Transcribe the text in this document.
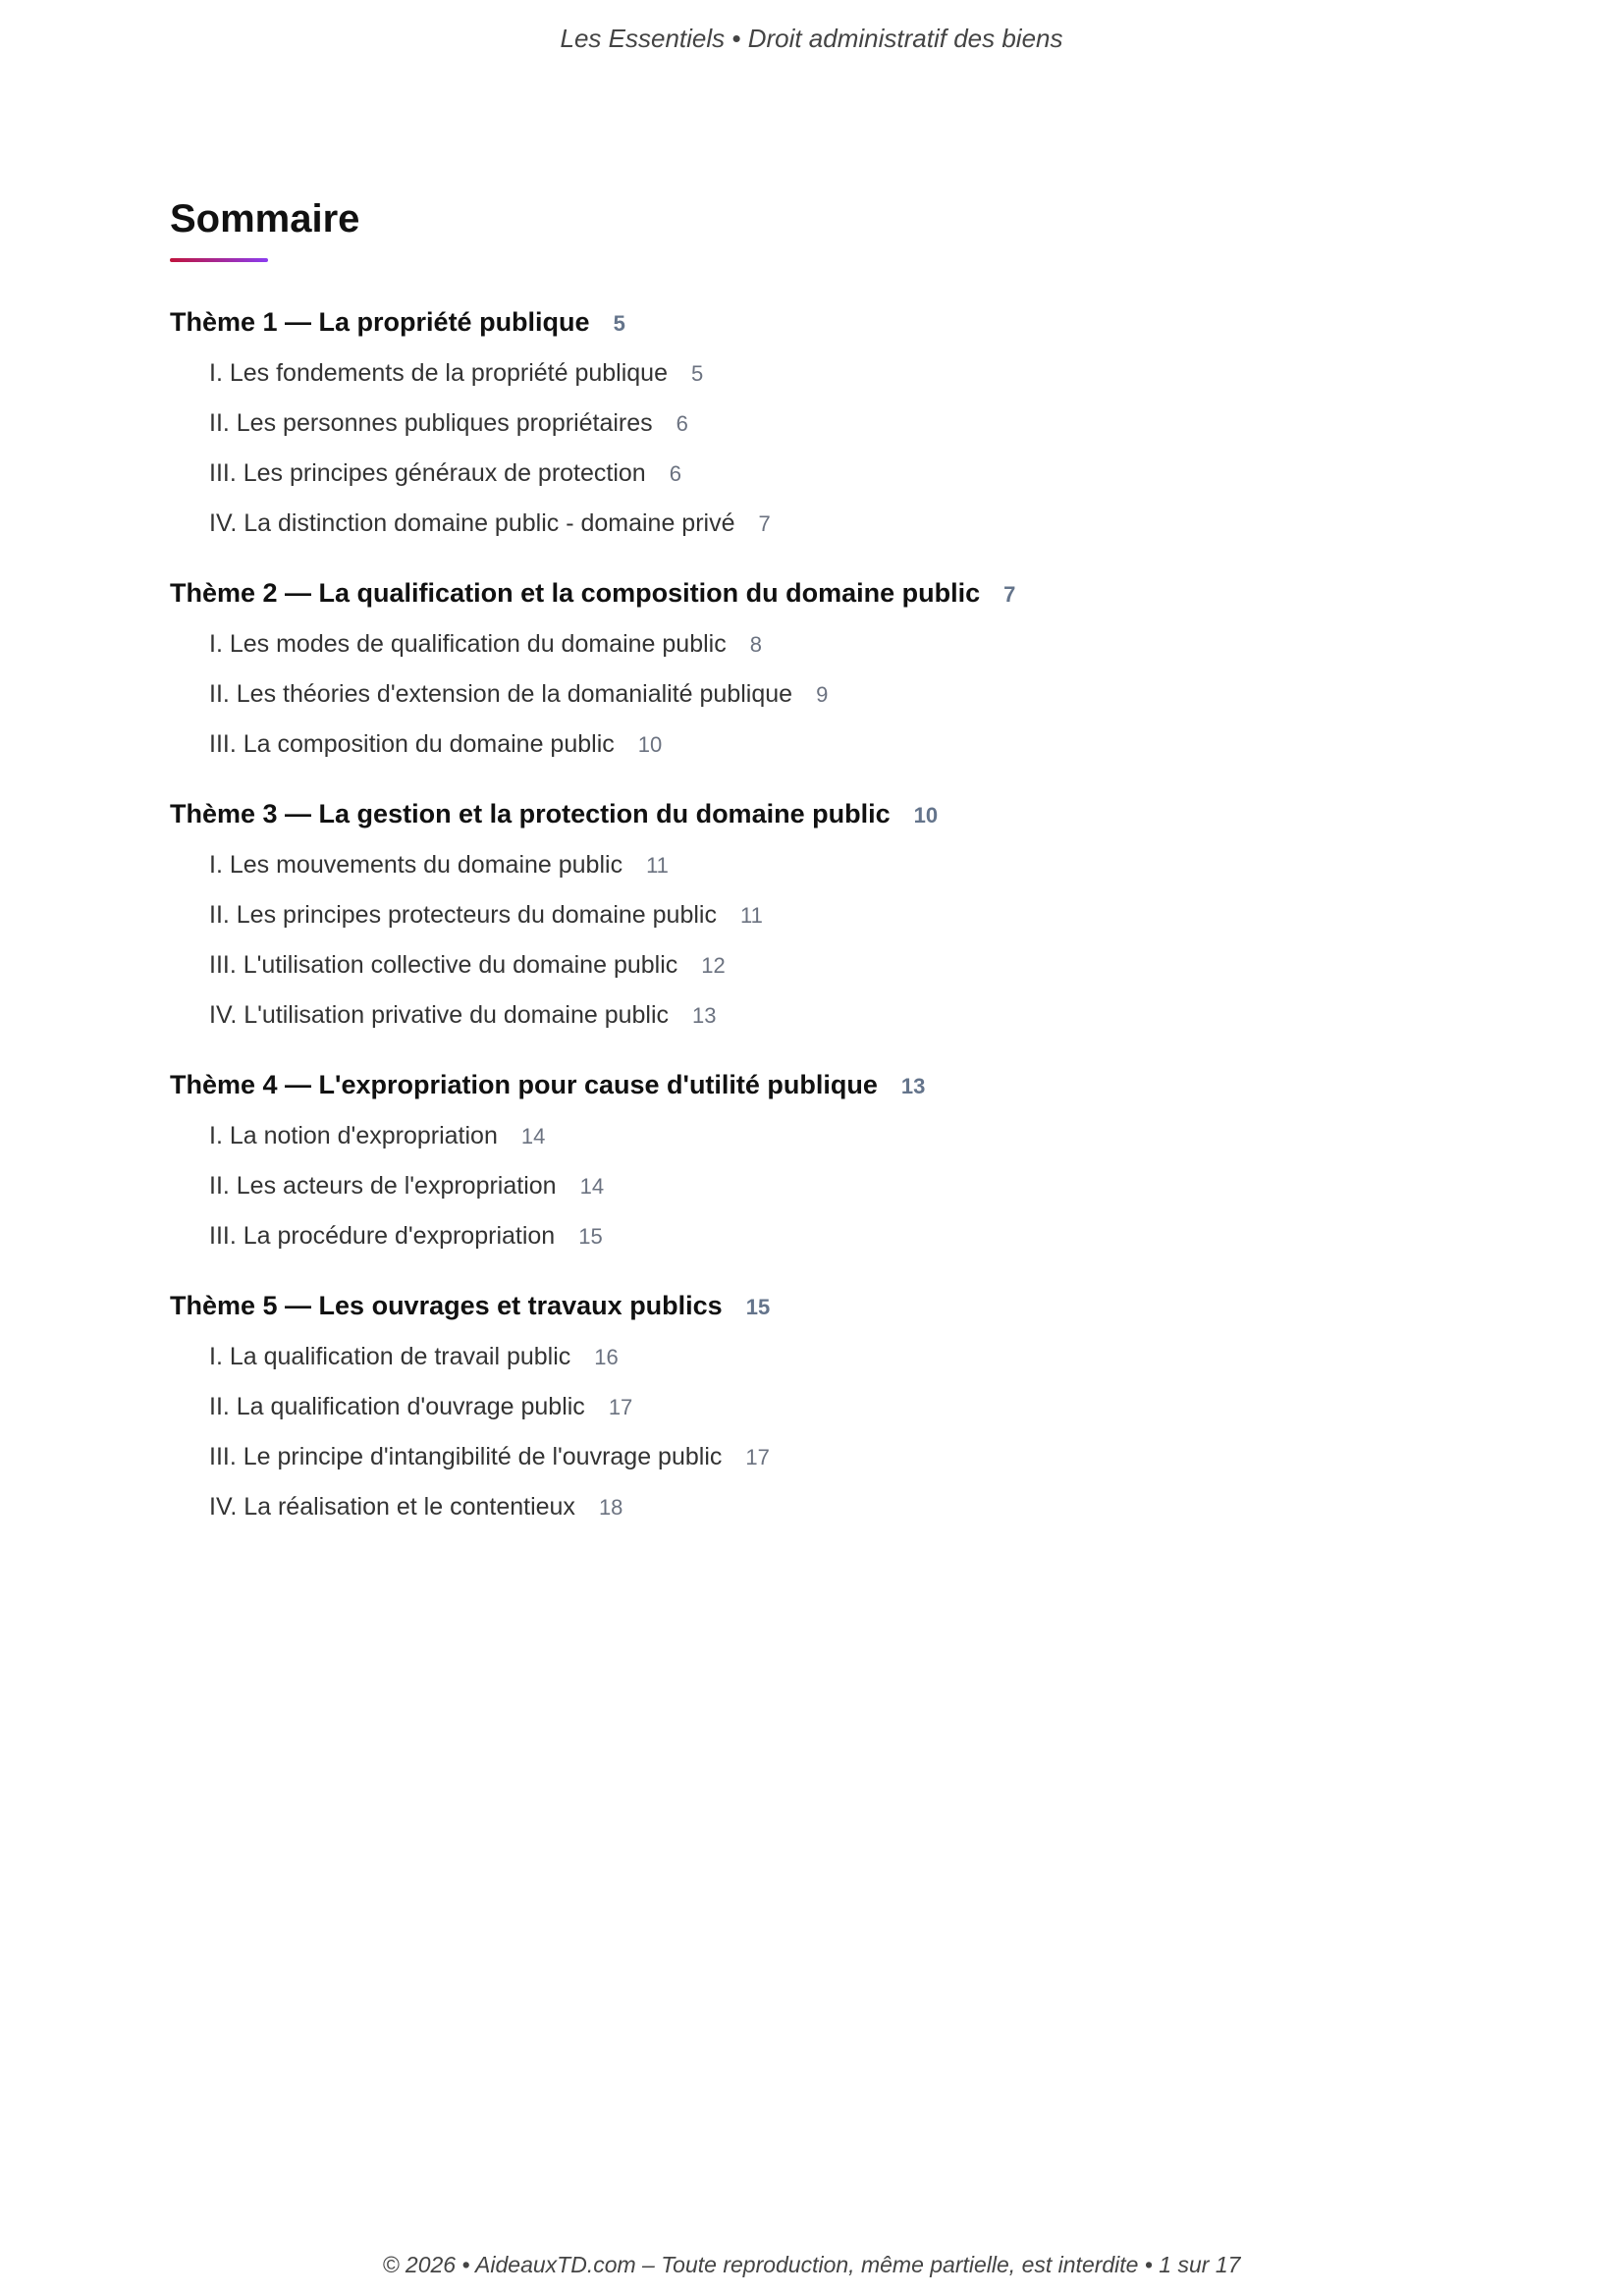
Les Essentiels • Droit administratif des biens
Sommaire
Thème 1 — La propriété publique 5
I. Les fondements de la propriété publique 5
II. Les personnes publiques propriétaires 6
III. Les principes généraux de protection 6
IV. La distinction domaine public - domaine privé 7
Thème 2 — La qualification et la composition du domaine public 7
I. Les modes de qualification du domaine public 8
II. Les théories d'extension de la domanialité publique 9
III. La composition du domaine public 10
Thème 3 — La gestion et la protection du domaine public 10
I. Les mouvements du domaine public 11
II. Les principes protecteurs du domaine public 11
III. L'utilisation collective du domaine public 12
IV. L'utilisation privative du domaine public 13
Thème 4 — L'expropriation pour cause d'utilité publique 13
I. La notion d'expropriation 14
II. Les acteurs de l'expropriation 14
III. La procédure d'expropriation 15
Thème 5 — Les ouvrages et travaux publics 15
I. La qualification de travail public 16
II. La qualification d'ouvrage public 17
III. Le principe d'intangibilité de l'ouvrage public 17
IV. La réalisation et le contentieux 18
© 2026 • AideauxTD.com – Toute reproduction, même partielle, est interdite • 1 sur 17
